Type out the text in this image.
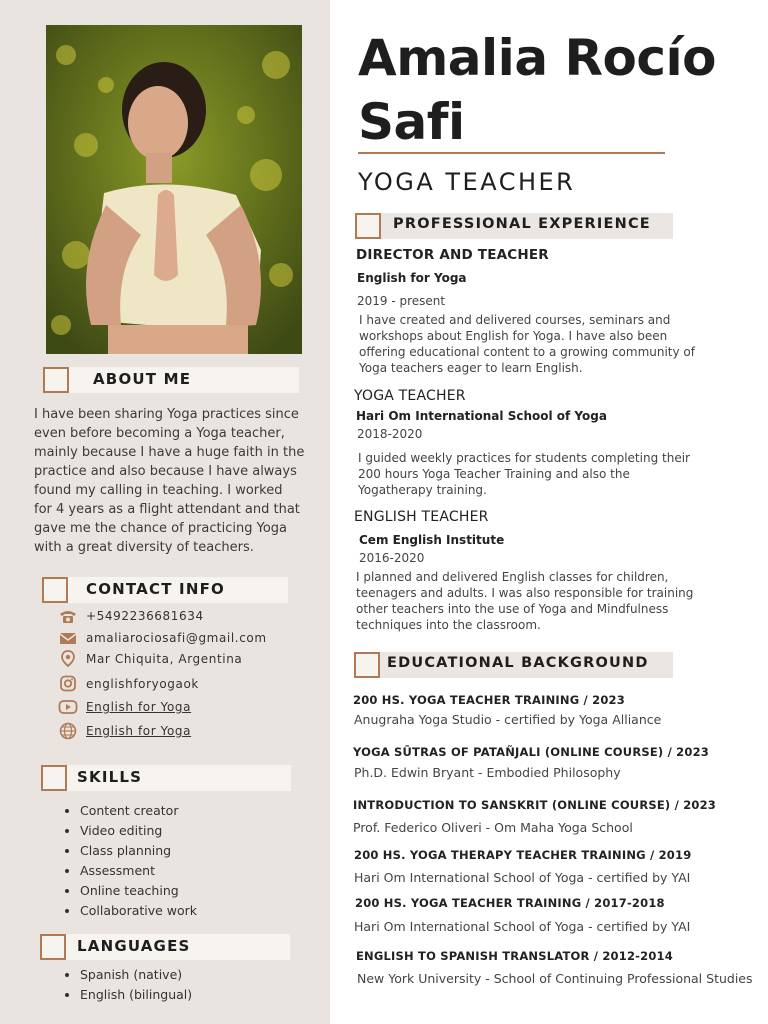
ABOUT ME
I have been sharing Yoga practices since
even before becoming a Yoga teacher,
mainly because I have a huge faith in the
practice and also because I have always
found my calling in teaching. I worked
for 4 years as a flight attendant and that
gave me the chance of practicing Yoga
with a great diversity of teachers.
CONTACT INFO
+5492236681634
amaliarociosafi@gmail.com
Mar Chiquita, Argentina
englishforyogaok
English for Yoga
English for Yoga
SKILLS
• Content creator
• Video editing
• Class planning
• Assessment
• Online teaching
• Collaborative work
LANGUAGES
• Spanish (native)
• English (bilingual)
Amalia Rocío Safi
YOGA TEACHER
PROFESSIONAL EXPERIENCE
DIRECTOR AND TEACHER
English for Yoga
2019 - present
I have created and delivered courses, seminars and
workshops about English for Yoga. I have also been
offering educational content to a growing community of
Yoga teachers eager to learn English.
YOGA TEACHER
Hari Om International School of Yoga
2018-2020
I guided weekly practices for students completing their
200 hours Yoga Teacher Training and also the
Yogatherapy training.
ENGLISH TEACHER
Cem English Institute
2016-2020
I planned and delivered English classes for children,
teenagers and adults. I was also responsible for training
other teachers into the use of Yoga and Mindfulness
techniques into the classroom.
EDUCATIONAL BACKGROUND
200 HS. YOGA TEACHER TRAINING / 2023
Anugraha Yoga Studio - certified by Yoga Alliance
YOGA SŪTRAS OF PATAÑJALI (ONLINE COURSE) / 2023
Ph.D. Edwin Bryant - Embodied Philosophy
INTRODUCTION TO SANSKRIT (ONLINE COURSE) / 2023
Prof. Federico Oliveri - Om Maha Yoga School
200 HS. YOGA THERAPY TEACHER TRAINING / 2019
Hari Om International School of Yoga - certified by YAI
200 HS. YOGA TEACHER TRAINING / 2017-2018
Hari Om International School of Yoga - certified by YAI
ENGLISH TO SPANISH TRANSLATOR / 2012-2014
New York University - School of Continuing Professional Studies
